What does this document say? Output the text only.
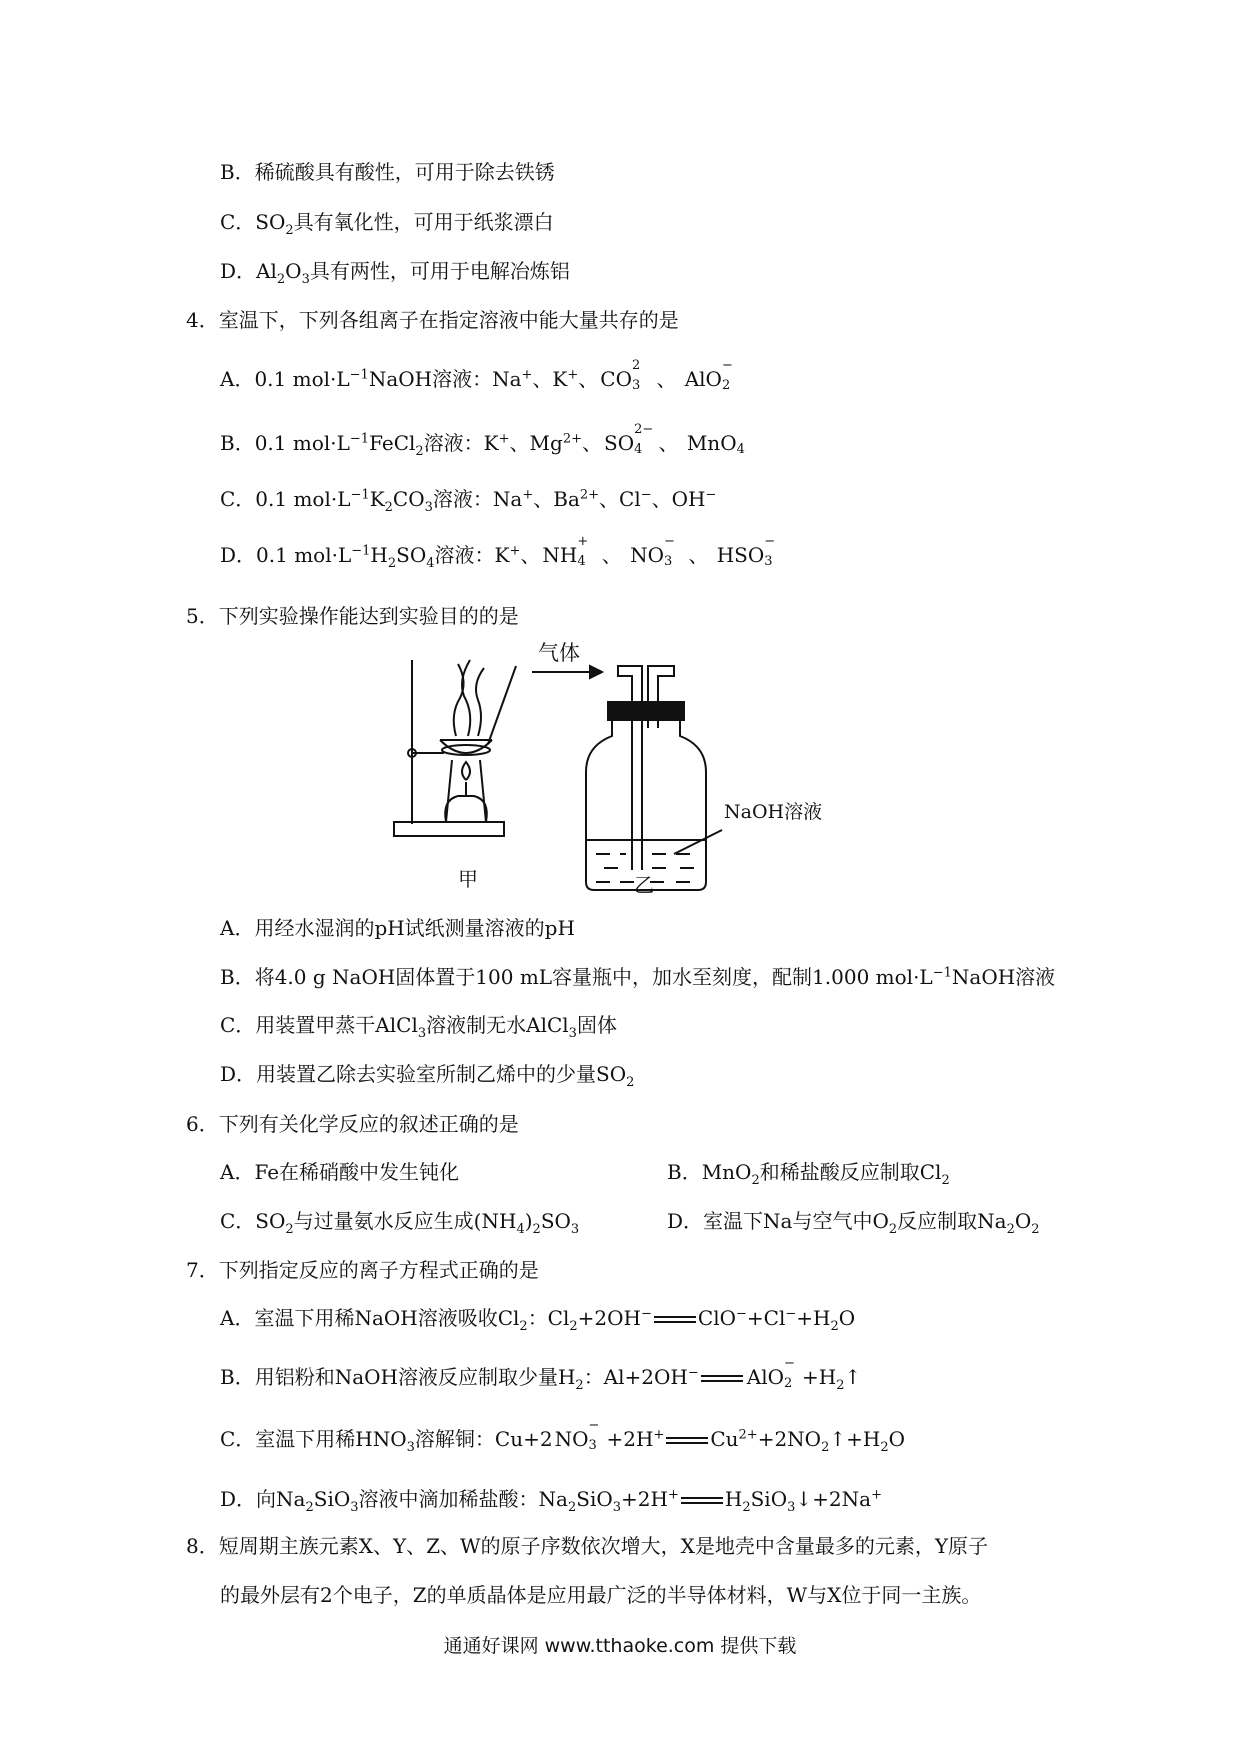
B．稀硫酸具有酸性，可用于除去铁锈
C．$SO_2$具有氧化性，可用于纸浆漂白
D．$Al_2O_3$具有两性，可用于电解冶炼铝
4．室温下，下列各组离子在指定溶液中能大量共存的是
A．0.1 $mol\cdot L^{-1}NaOH$溶液：Na+、K+、 CO
2
3 、 AlO
−
2
B．0.1 $mol\cdot L^{-1}FeCl_2$溶液：K+、$Mg^{2+}$、 SO
2−
4 、 MnO 4
C．0.1 $mol\cdot L^{-1}K_2CO_3$溶液：Na+、$Ba^{2+}$、Cl−、OH−
D．0.1 $mol\cdot L^{-1}H_2SO_4$溶液：K+、 NH
+
4 、 NO
−
3 、 HSO
−
3
5．下列实验操作能达到实验目的的是
气体
NaOH溶液
甲	乙
A．用经水湿润的pH试纸测量溶液的pH
B．将4.0 g NaOH固体置于100 mL容量瓶中，加水至刻度，配制1.000 $mol\cdot L^{-1}NaOH$溶液
C．用装置甲蒸干AlCl$_3$溶液制无水AlCl$_3$固体
D．用装置乙除去实验室所制乙烯中的少量$SO_2$
6．下列有关化学反应的叙述正确的是
A．Fe在稀硝酸中发生钝化	B．MnO$_2$和稀盐酸反应制取$Cl_2$
C．$SO_2$与过量氨水反应生成$(NH_4)_2SO_3$	D．室温下Na与空气中$O_2$反应制取$Na_2O_2$
7．下列指定反应的离子方程式正确的是
A．室温下用稀NaOH溶液吸收$Cl_2$：$Cl_2+2OH^-$ $ClO^-+Cl^-+H_2O$
B．用铝粉和NaOH溶液反应制取少量$H_2$：Al+2OH− AlO
−
$2 +H_2↑$
C．室温下用稀$HNO_3$溶解铜：Cu+2 NO
−
3 +2H+ $Cu^{2+}+2NO_2↑+H_2O$
D．向$Na_2SiO_3$溶液中滴加稀盐酸：$Na_2SiO_3+2H^+$ $H_2SiO_3↓+2Na^+$
8．短周期主族元素X、Y、Z、W的原子序数依次增大，X是地壳中含量最多的元素，Y原子
的最外层有2个电子，Z的单质晶体是应用最广泛的半导体材料，W与X位于同一主族。
通通好课网 www.tthaoke.com 提供下载
